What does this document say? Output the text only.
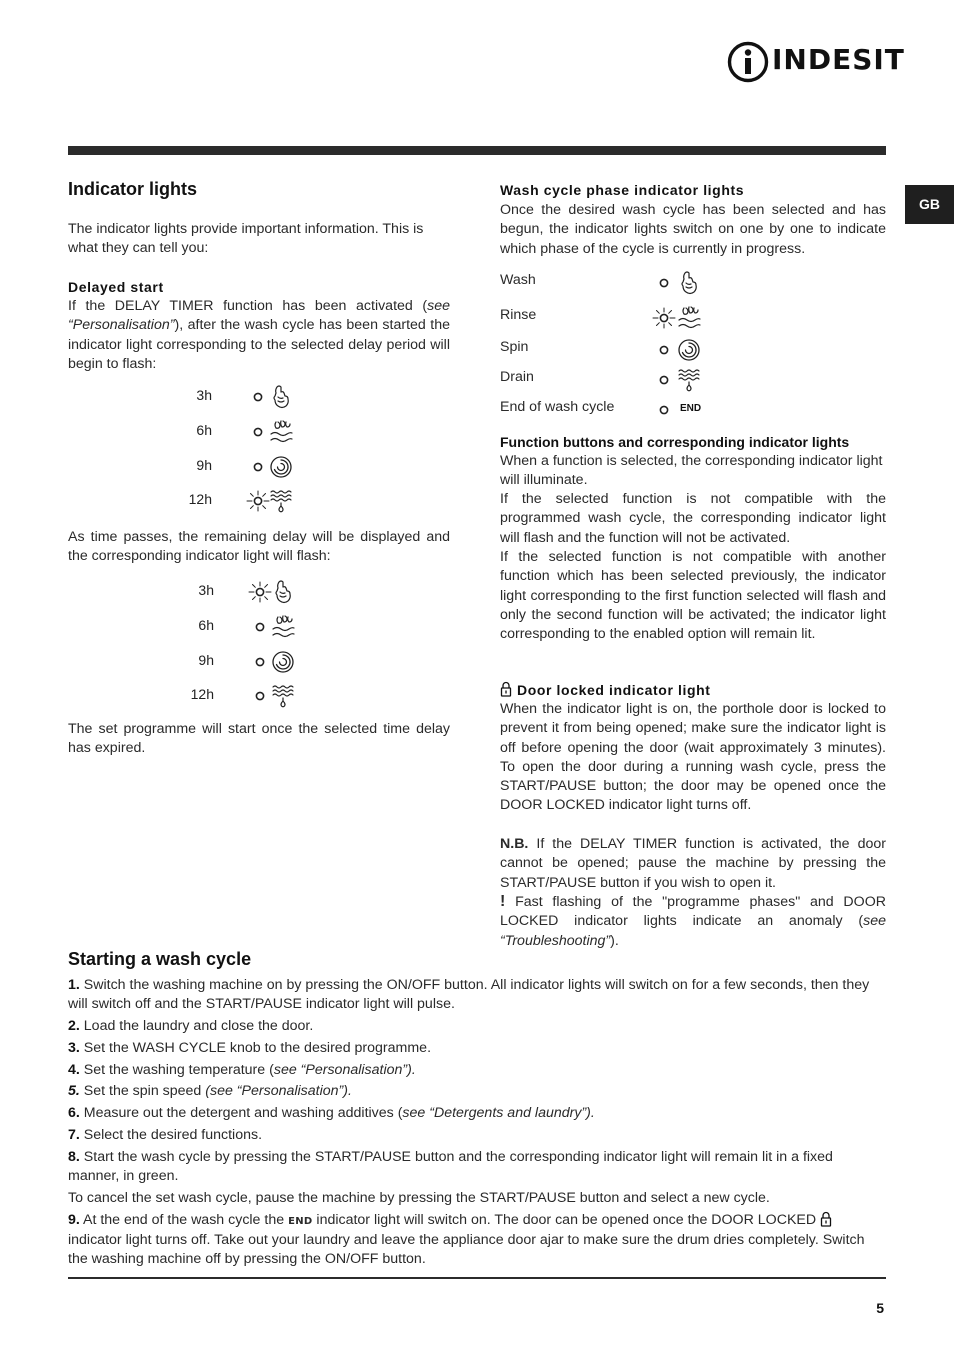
INDESIT
GB
Indicator lights

The indicator lights provide important information. This is what they can tell you:

Delayed start

If the DELAY TIMER function has been activated (see “Personalisation”), after the wash cycle has been started the indicator light corresponding to the selected delay period will begin to flash:

3h
6h
9h
12h

As time passes, the remaining delay will be displayed and the corresponding indicator light will flash:

3h
6h
9h
12h

The set programme will start once the selected time delay has expired.

Wash cycle phase indicator lights

Once the desired wash cycle has been selected and has begun, the indicator lights switch on one by one to indicate which phase of the cycle is currently in progress.

Wash
Rinse
Spin
Drain
End of wash cycle	END

Function buttons and corresponding indicator lights

When a function is selected, the corresponding indicator light will illuminate.

If the selected function is not compatible with the programmed wash cycle, the corresponding indicator light will flash and the function will not be activated.

If the selected function is not compatible with another function which has been selected previously, the indicator light corresponding to the first function selected will flash and only the second function will be activated; the indicator light corresponding to the enabled option will remain lit.

Door locked indicator light

When the indicator light is on, the porthole door is locked to prevent it from being opened; make sure the indicator light is off before opening the door (wait approximately 3 minutes). To open the door during a running wash cycle, press the START/PAUSE button; the door may be opened once the DOOR LOCKED indicator light turns off.

N.B. If the DELAY TIMER function is activated, the door cannot be opened; pause the machine by pressing the START/PAUSE button if you wish to open it.

! Fast flashing of the "programme phases" and DOOR LOCKED indicator lights indicate an anomaly (see “Troubleshooting”).

Starting a wash cycle

1. Switch the washing machine on by pressing the ON/OFF button. All indicator lights will switch on for a few seconds, then they will switch off and the START/PAUSE indicator light will pulse.

2. Load the laundry and close the door.

3. Set the WASH CYCLE knob to the desired programme.

4. Set the washing temperature (see “Personalisation”).

5. Set the spin speed (see “Personalisation”).

6. Measure out the detergent and washing additives (see “Detergents and laundry”).

7. Select the desired functions.

8. Start the wash cycle by pressing the START/PAUSE button and the corresponding indicator light will remain lit in a fixed manner, in green.

To cancel the set wash cycle, pause the machine by pressing the START/PAUSE button and select a new cycle.

9. At the end of the wash cycle the END indicator light will switch on. The door can be opened once the DOOR LOCKED  indicator light turns off. Take out your laundry and leave the appliance door ajar to make sure the drum dries completely. Switch the washing machine off by pressing the ON/OFF button.

5
